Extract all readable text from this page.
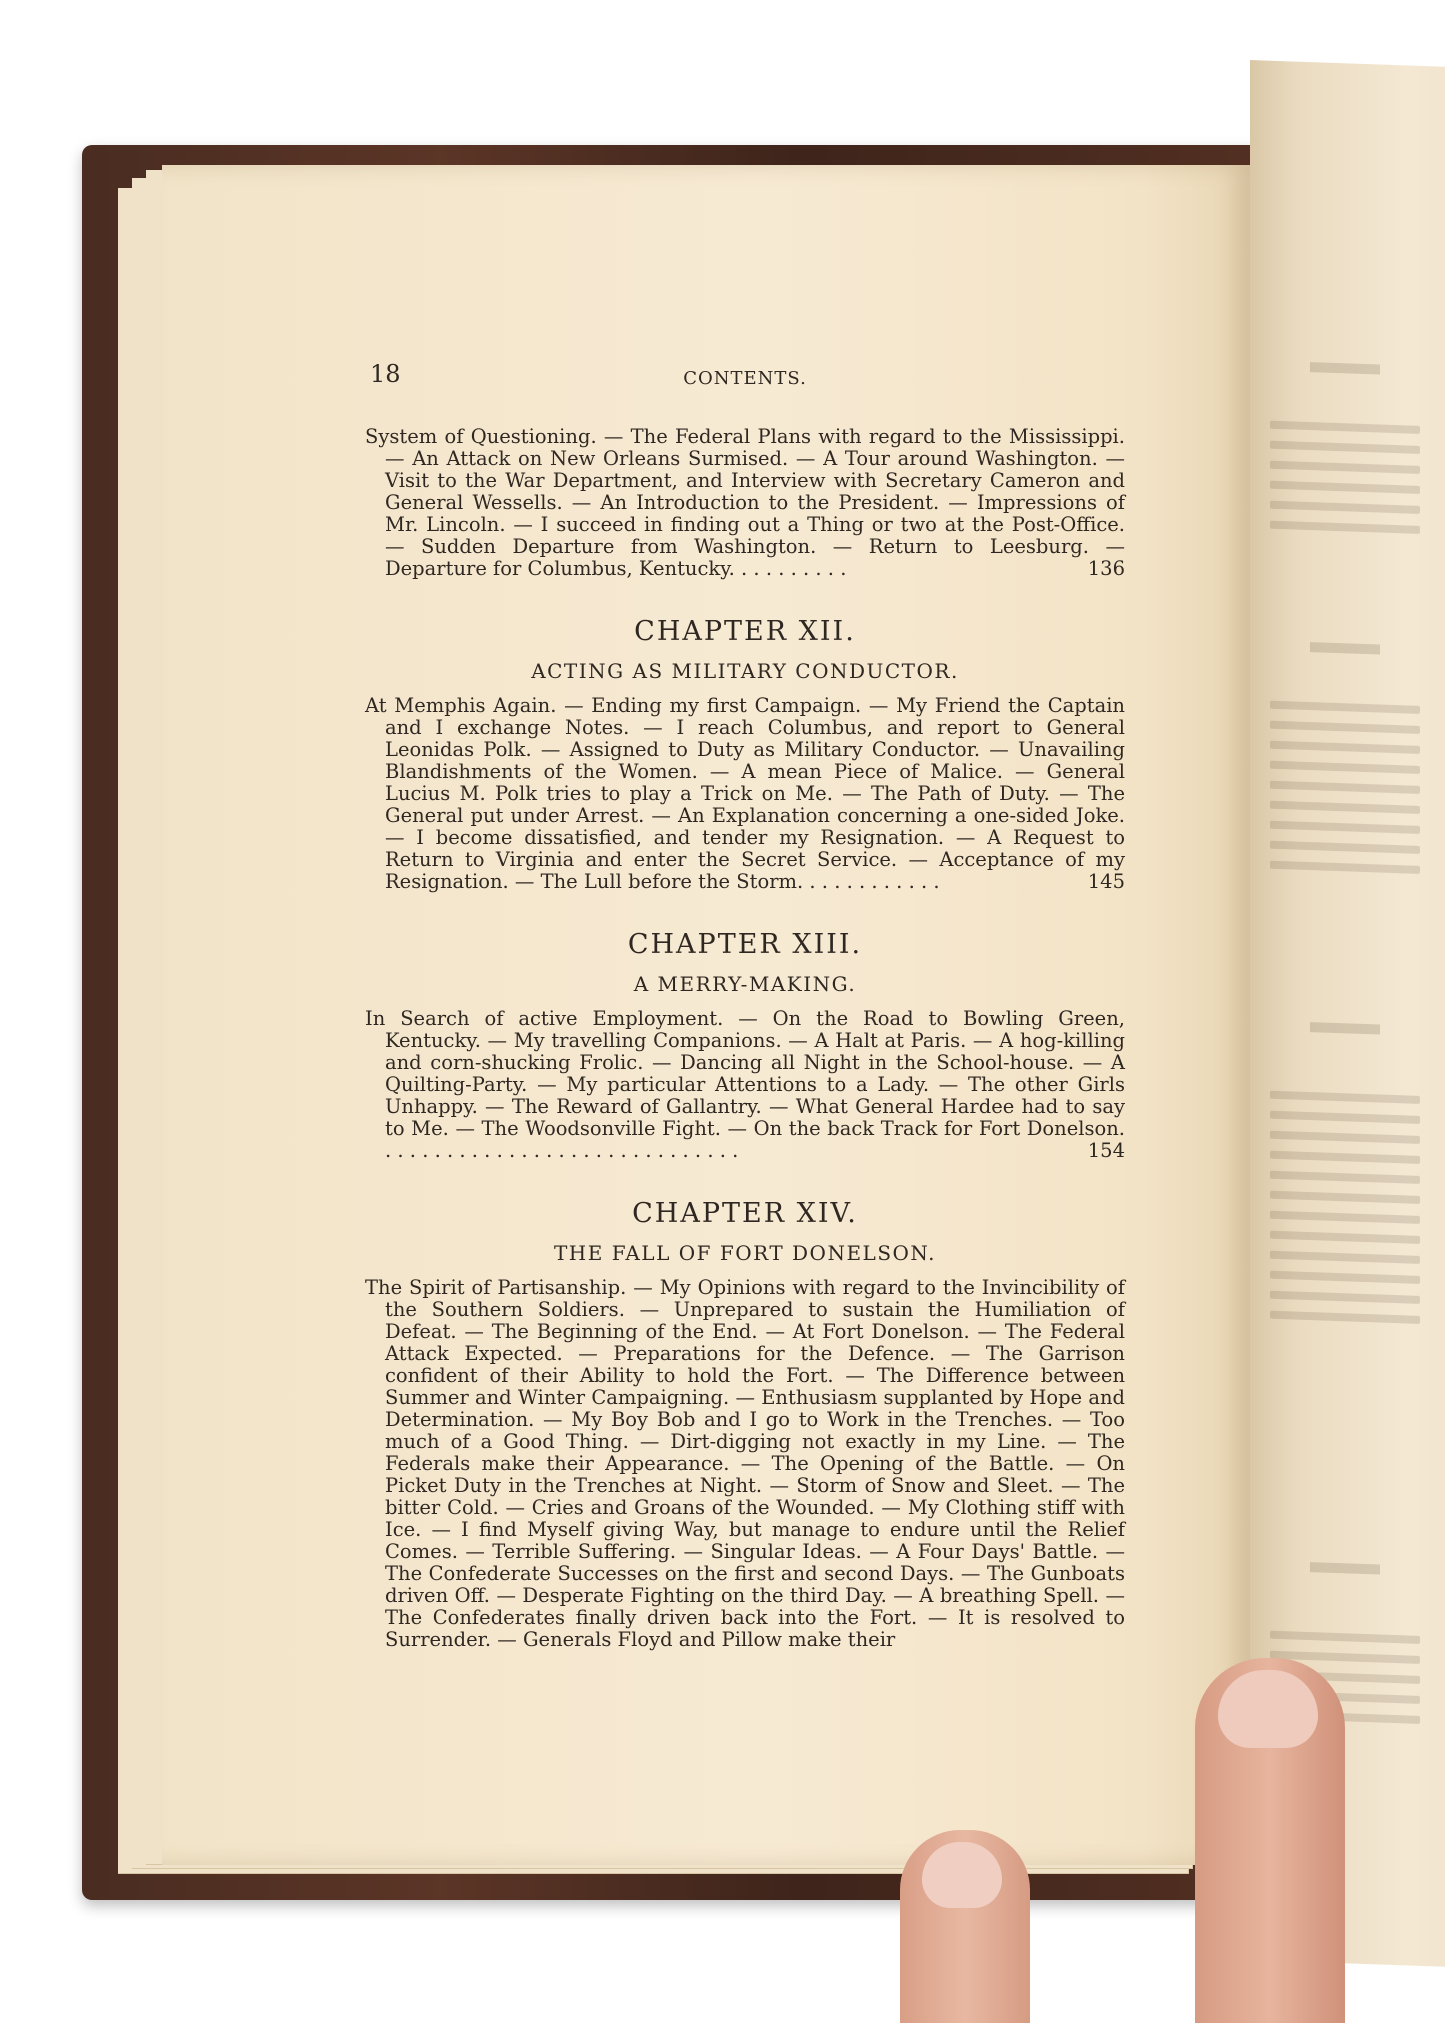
18	CONTENTS.

System of Questioning. — The Federal Plans with regard to the Mississippi. — An Attack on New Orleans Surmised. — A Tour around Washington. — Visit to the War Department, and Interview with Secretary Cameron and General Wessells. — An Introduction to the President. — Impressions of Mr. Lincoln. — I succeed in finding out a Thing or two at the Post-Office. — Sudden Departure from Washington. — Return to Leesburg. — Departure for Columbus, Kentucky. . . . . . . . . .	136

CHAPTER XII.
ACTING AS MILITARY CONDUCTOR.

At Memphis Again. — Ending my first Campaign. — My Friend the Captain and I exchange Notes. — I reach Columbus, and report to General Leonidas Polk. — Assigned to Duty as Military Conductor. — Unavailing Blandishments of the Women. — A mean Piece of Malice. — General Lucius M. Polk tries to play a Trick on Me. — The Path of Duty. — The General put under Arrest. — An Explanation concerning a one-sided Joke. — I become dissatisfied, and tender my Resignation. — A Request to Return to Virginia and enter the Secret Service. — Acceptance of my Resignation. — The Lull before the Storm. . . . . . . . . . . .	145

CHAPTER XIII.
A MERRY-MAKING.

In Search of active Employment. — On the Road to Bowling Green, Kentucky. — My travelling Companions. — A Halt at Paris. — A hog-killing and corn-shucking Frolic. — Dancing all Night in the School-house. — A Quilting-Party. — My particular Attentions to a Lady. — The other Girls Unhappy. — The Reward of Gallantry. — What General Hardee had to say to Me. — The Woodsonville Fight. — On the back Track for Fort Donelson. . . . . . . . . . . . . . . . . . . . . . . . . . . . . .	154

CHAPTER XIV.
THE FALL OF FORT DONELSON.

The Spirit of Partisanship. — My Opinions with regard to the Invincibility of the Southern Soldiers. — Unprepared to sustain the Humiliation of Defeat. — The Beginning of the End. — At Fort Donelson. — The Federal Attack Expected. — Preparations for the Defence. — The Garrison confident of their Ability to hold the Fort. — The Difference between Summer and Winter Campaigning. — Enthusiasm supplanted by Hope and Determination. — My Boy Bob and I go to Work in the Trenches. — Too much of a Good Thing. — Dirt-digging not exactly in my Line. — The Federals make their Appearance. — The Opening of the Battle. — On Picket Duty in the Trenches at Night. — Storm of Snow and Sleet. — The bitter Cold. — Cries and Groans of the Wounded. — My Clothing stiff with Ice. — I find Myself giving Way, but manage to endure until the Relief Comes. — Terrible Suffering. — Singular Ideas. — A Four Days' Battle. — The Confederate Successes on the first and second Days. — The Gunboats driven Off. — Desperate Fighting on the third Day. — A breathing Spell. — The Confederates finally driven back into the Fort. — It is resolved to Surrender. — Generals Floyd and Pillow make their
